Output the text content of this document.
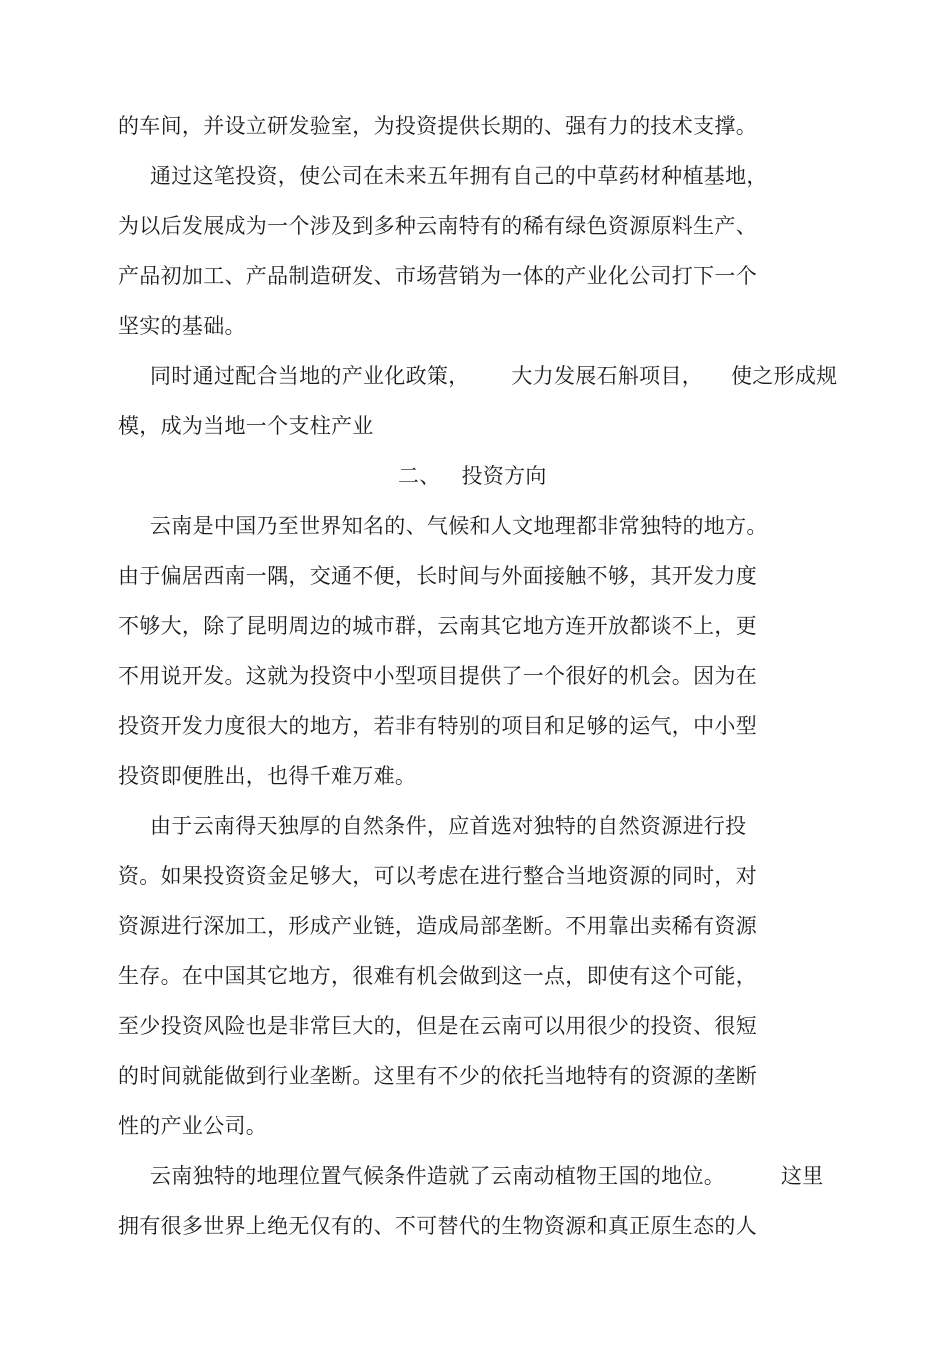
的车间，并设立研发验室，为投资提供长期的、强有力的技术支撑。
通过这笔投资，使公司在未来五年拥有自己的中草药材种植基地，
为以后发展成为一个涉及到多种云南特有的稀有绿色资源原料生产、
产品初加工、产品制造研发、市场营销为一体的产业化公司打下一个
坚实的基础。
同时通过配合当地的产业化政策，      大力发展石斛项目，    使之形成规
模，成为当地一个支柱产业
二、   投资方向
云南是中国乃至世界知名的、气候和人文地理都非常独特的地方。
由于偏居西南一隅，交通不便，长时间与外面接触不够，其开发力度
不够大，除了昆明周边的城市群，云南其它地方连开放都谈不上，更
不用说开发。这就为投资中小型项目提供了一个很好的机会。因为在
投资开发力度很大的地方，若非有特别的项目和足够的运气，中小型
投资即便胜出，也得千难万难。
由于云南得天独厚的自然条件，应首选对独特的自然资源进行投
资。如果投资资金足够大，可以考虑在进行整合当地资源的同时，对
资源进行深加工，形成产业链，造成局部垄断。不用靠出卖稀有资源
生存。在中国其它地方，很难有机会做到这一点，即使有这个可能，
至少投资风险也是非常巨大的，但是在云南可以用很少的投资、很短
的时间就能做到行业垄断。这里有不少的依托当地特有的资源的垄断
性的产业公司。
云南独特的地理位置气候条件造就了云南动植物王国的地位。        这里
拥有很多世界上绝无仅有的、不可替代的生物资源和真正原生态的人
